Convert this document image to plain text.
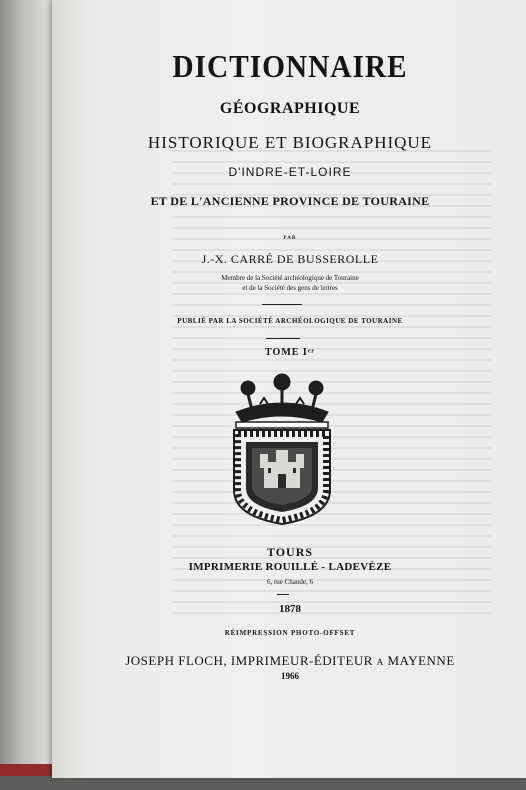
DICTIONNAIRE
GÉOGRAPHIQUE
HISTORIQUE ET BIOGRAPHIQUE
D'INDRE-ET-LOIRE
ET DE L'ANCIENNE PROVINCE DE TOURAINE
PAR
J.-X. CARRÉ DE BUSSEROLLE
Membre de la Société archéologique de Touraine
et de la Société des gens de lettres
PUBLIÉ PAR LA SOCIÉTÉ ARCHÉOLOGIQUE DE TOURAINE
TOME Iᵉʳ
TOURS
IMPRIMERIE ROUILLÉ - LADEVÈZE
6, rue Chaude, 6
1878
RÉIMPRESSION PHOTO-OFFSET
JOSEPH FLOCH, IMPRIMEUR-ÉDITEUR A MAYENNE
1966
